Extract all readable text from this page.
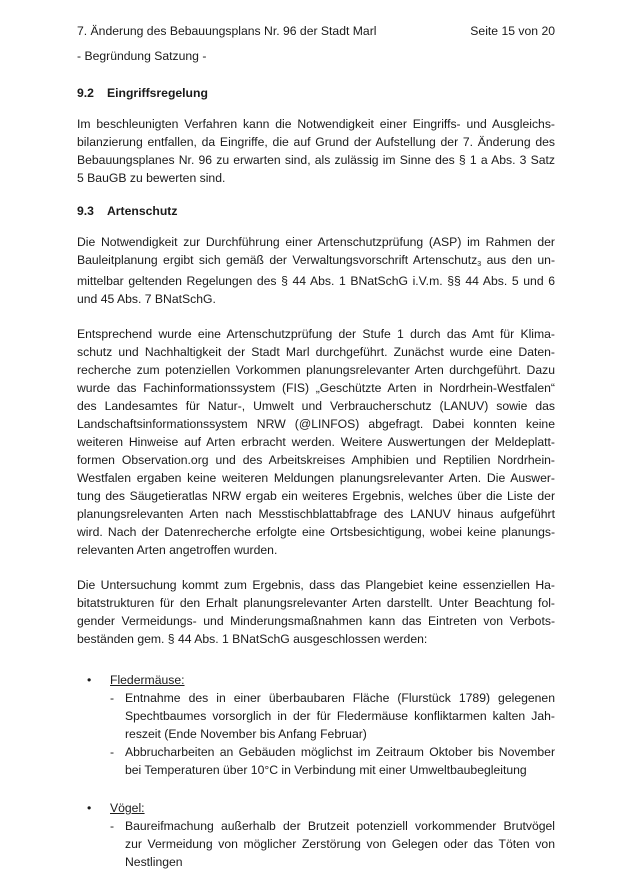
7. Änderung des Bebauungsplans Nr. 96 der Stadt Marl	Seite 15 von 20
- Begründung Satzung -
9.2	Eingriffsregelung
Im beschleunigten Verfahren kann die Notwendigkeit einer Eingriffs- und Ausgleichs-
bilanzierung entfallen, da Eingriffe, die auf Grund der Aufstellung der 7. Änderung des
Bebauungsplanes Nr. 96 zu erwarten sind, als zulässig im Sinne des § 1 a Abs. 3 Satz
5 BauGB zu bewerten sind.
9.3	Artenschutz
Die Notwendigkeit zur Durchführung einer Artenschutzprüfung (ASP) im Rahmen der
Bauleitplanung ergibt sich gemäß der Verwaltungsvorschrift Artenschutz3 aus den un-
mittelbar geltenden Regelungen des § 44 Abs. 1 BNatSchG i.V.m. §§ 44 Abs. 5 und 6
und 45 Abs. 7 BNatSchG.
Entsprechend wurde eine Artenschutzprüfung der Stufe 1 durch das Amt für Klima-
schutz und Nachhaltigkeit der Stadt Marl durchgeführt. Zunächst wurde eine Daten-
recherche zum potenziellen Vorkommen planungsrelevanter Arten durchgeführt. Dazu
wurde das Fachinformationssystem (FIS) „Geschützte Arten in Nordrhein-Westfalen“
des Landesamtes für Natur-, Umwelt und Verbraucherschutz (LANUV) sowie das
Landschaftsinformationssystem NRW (@LINFOS) abgefragt. Dabei konnten keine
weiteren Hinweise auf Arten erbracht werden. Weitere Auswertungen der Meldeplatt-
formen Observation.org und des Arbeitskreises Amphibien und Reptilien Nordrhein-
Westfalen ergaben keine weiteren Meldungen planungsrelevanter Arten. Die Auswer-
tung des Säugetieratlas NRW ergab ein weiteres Ergebnis, welches über die Liste der
planungsrelevanten Arten nach Messtischblattabfrage des LANUV hinaus aufgeführt
wird. Nach der Datenrecherche erfolgte eine Ortsbesichtigung, wobei keine planungs-
relevanten Arten angetroffen wurden.
Die Untersuchung kommt zum Ergebnis, dass das Plangebiet keine essenziellen Ha-
bitatstrukturen für den Erhalt planungsrelevanter Arten darstellt. Unter Beachtung fol-
gender Vermeidungs- und Minderungsmaßnahmen kann das Eintreten von Verbots-
beständen gem. § 44 Abs. 1 BNatSchG ausgeschlossen werden:
• Fledermäuse:
- Entnahme des in einer überbaubaren Fläche (Flurstück 1789) gelegenen
Spechtbaumes vorsorglich in der für Fledermäuse konfliktarmen kalten Jah-
reszeit (Ende November bis Anfang Februar)
- Abbrucharbeiten an Gebäuden möglichst im Zeitraum Oktober bis November
bei Temperaturen über 10°C in Verbindung mit einer Umweltbaubegleitung
• Vögel:
- Baureifmachung außerhalb der Brutzeit potenziell vorkommender Brutvögel
zur Vermeidung von möglicher Zerstörung von Gelegen oder das Töten von
Nestlingen
